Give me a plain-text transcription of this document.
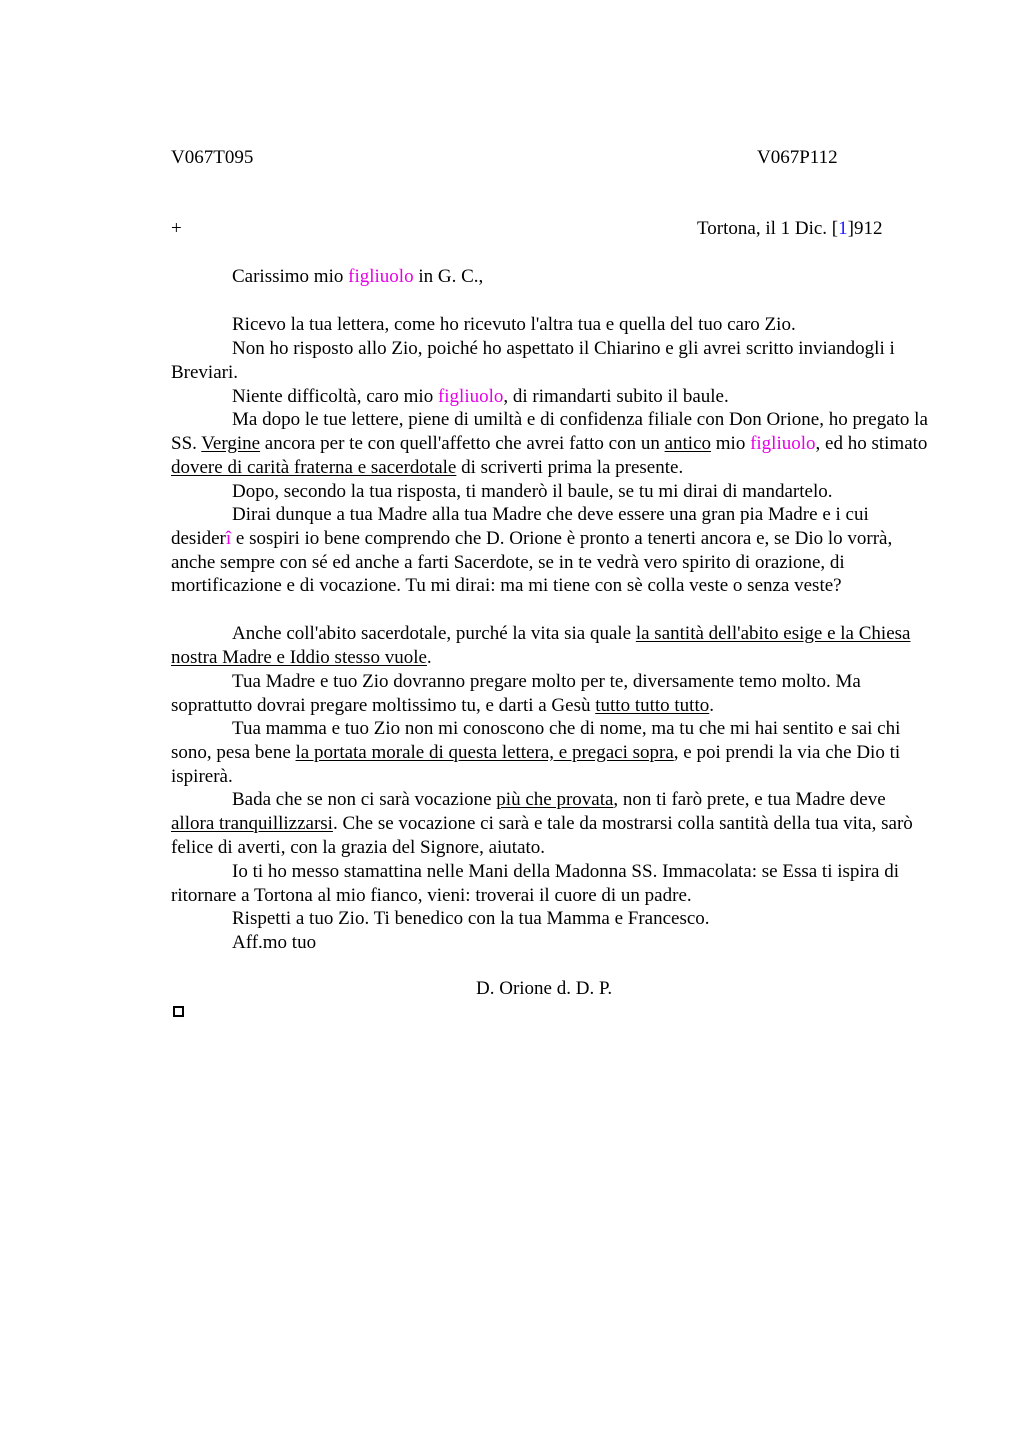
V067T095	V067P112
+	Tortona, il 1 Dic. [1]912
Carissimo mio figliuolo in G. C.,

Ricevo la tua lettera, come ho ricevuto l'altra tua e quella del tuo caro Zio.

Non ho risposto allo Zio, poiché ho aspettato il Chiarino e gli avrei scritto inviandogli i Breviari.

Niente difficoltà, caro mio figliuolo, di rimandarti subito il baule.

Ma dopo le tue lettere, piene di umiltà e di confidenza filiale con Don Orione, ho pregato la SS. Vergine ancora per te con quell'affetto che avrei fatto con un antico mio figliuolo, ed ho stimato dovere di carità fraterna e sacerdotale di scriverti prima la presente.

Dopo, secondo la tua risposta, ti manderò il baule, se tu mi dirai di mandartelo.

Dirai dunque a tua Madre alla tua Madre che deve essere una gran pia Madre e i cui desiderî e sospiri io bene comprendo che D. Orione è pronto a tenerti ancora e, se Dio lo vorrà, anche sempre con sé ed anche a farti Sacerdote, se in te vedrà vero spirito di orazione, di mortificazione e di vocazione. Tu mi dirai: ma mi tiene con sè colla veste o senza veste?

Anche coll'abito sacerdotale, purché la vita sia quale la santità dell'abito esige e la Chiesa nostra Madre e Iddio stesso vuole.

Tua Madre e tuo Zio dovranno pregare molto per te, diversamente temo molto. Ma soprattutto dovrai pregare moltissimo tu, e darti a Gesù tutto tutto tutto.

Tua mamma e tuo Zio non mi conoscono che di nome, ma tu che mi hai sentito e sai chi sono, pesa bene la portata morale di questa lettera, e pregaci sopra, e poi prendi la via che Dio ti ispirerà.

Bada che se non ci sarà vocazione più che provata, non ti farò prete, e tua Madre deve allora tranquillizzarsi. Che se vocazione ci sarà e tale da mostrarsi colla santità della tua vita, sarò felice di averti, con la grazia del Signore, aiutato.

Io ti ho messo stamattina nelle Mani della Madonna SS. Immacolata: se Essa ti ispira di ritornare a Tortona al mio fianco, vieni: troverai il cuore di un padre.

Rispetti a tuo Zio. Ti benedico con la tua Mamma e Francesco.

Aff.mo tuo

D. Orione d. D. P.
